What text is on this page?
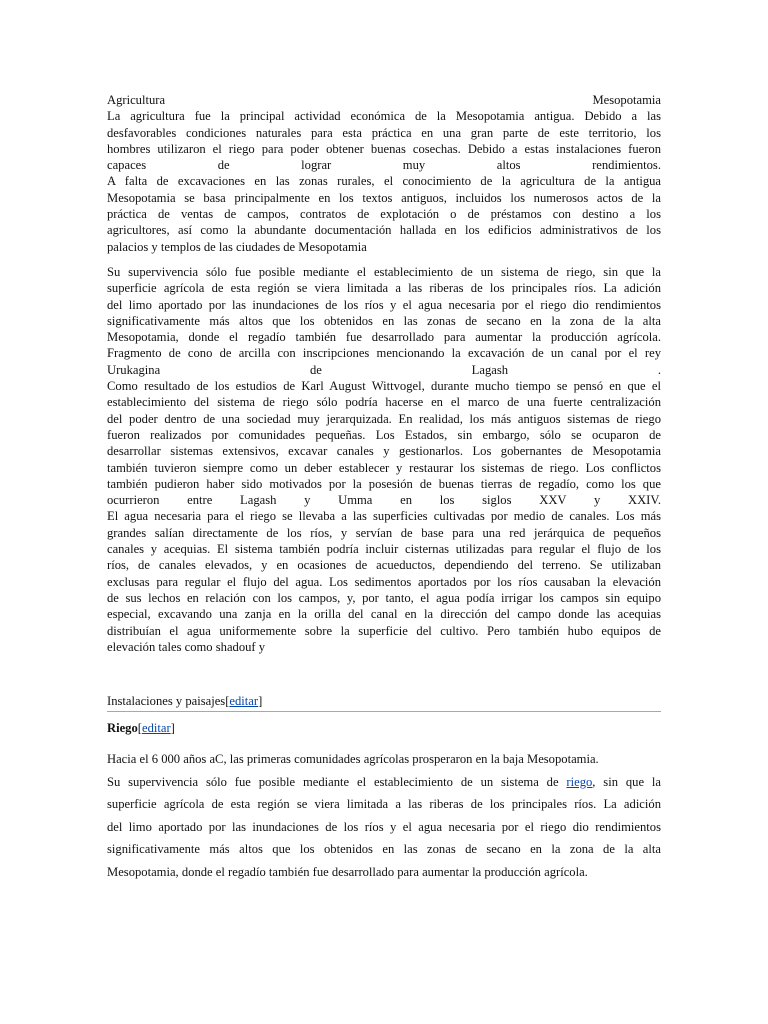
Agricultura	Mesopotamia
La agricultura fue la principal actividad económica de la Mesopotamia antigua. Debido a las
desfavorables condiciones naturales para esta práctica en una gran parte de este territorio, los
hombres utilizaron el riego para poder obtener buenas cosechas. Debido a estas instalaciones fueron
capaces de lograr muy altos rendimientos.
A falta de excavaciones en las zonas rurales, el conocimiento de la agricultura de la antigua
Mesopotamia se basa principalmente en los textos antiguos, incluidos los numerosos actos de la
práctica de ventas de campos, contratos de explotación o de préstamos con destino a los
agricultores, así como la abundante documentación hallada en los edificios administrativos de los
palacios y templos de las ciudades de Mesopotamia
Su supervivencia sólo fue posible mediante el establecimiento de un sistema de riego, sin que la
superficie agrícola de esta región se viera limitada a las riberas de los principales ríos. La adición
del limo aportado por las inundaciones de los ríos y el agua necesaria por el riego dio rendimientos
significativamente más altos que los obtenidos en las zonas de secano en la zona de la alta
Mesopotamia, donde el regadío también fue desarrollado para aumentar la producción agrícola.
Fragmento de cono de arcilla con inscripciones mencionando la excavación de un canal por el rey
Urukagina de Lagash .
Como resultado de los estudios de Karl August Wittvogel, durante mucho tiempo se pensó en que el
establecimiento del sistema de riego sólo podría hacerse en el marco de una fuerte centralización
del poder dentro de una sociedad muy jerarquizada. En realidad, los más antiguos sistemas de riego
fueron realizados por comunidades pequeñas. Los Estados, sin embargo, sólo se ocuparon de
desarrollar sistemas extensivos, excavar canales y gestionarlos. Los gobernantes de Mesopotamia
también tuvieron siempre como un deber establecer y restaurar los sistemas de riego. Los conflictos
también pudieron haber sido motivados por la posesión de buenas tierras de regadío, como los que
ocurrieron entre Lagash y Umma en los siglos XXV y XXIV.
El agua necesaria para el riego se llevaba a las superficies cultivadas por medio de canales. Los más
grandes salían directamente de los ríos, y servían de base para una red jerárquica de pequeños
canales y acequias. El sistema también podría incluir cisternas utilizadas para regular el flujo de los
ríos, de canales elevados, y en ocasiones de acueductos, dependiendo del terreno. Se utilizaban
exclusas para regular el flujo del agua. Los sedimentos aportados por los ríos causaban la elevación
de sus lechos en relación con los campos, y, por tanto, el agua podía irrigar los campos sin equipo
especial, excavando una zanja en la orilla del canal en la dirección del campo donde las acequias
distribuían el agua uniformemente sobre la superficie del cultivo. Pero también hubo equipos de
elevación tales como shadouf y
Instalaciones y paisajes[editar]
Riego[editar]
Hacia el 6 000 años aC, las primeras comunidades agrícolas prosperaron en la baja Mesopotamia.
Su supervivencia sólo fue posible mediante el establecimiento de un sistema de riego, sin que la
superficie agrícola de esta región se viera limitada a las riberas de los principales ríos. La adición
del limo aportado por las inundaciones de los ríos y el agua necesaria por el riego dio rendimientos
significativamente más altos que los obtenidos en las zonas de secano en la zona de la alta
Mesopotamia, donde el regadío también fue desarrollado para aumentar la producción agrícola.
